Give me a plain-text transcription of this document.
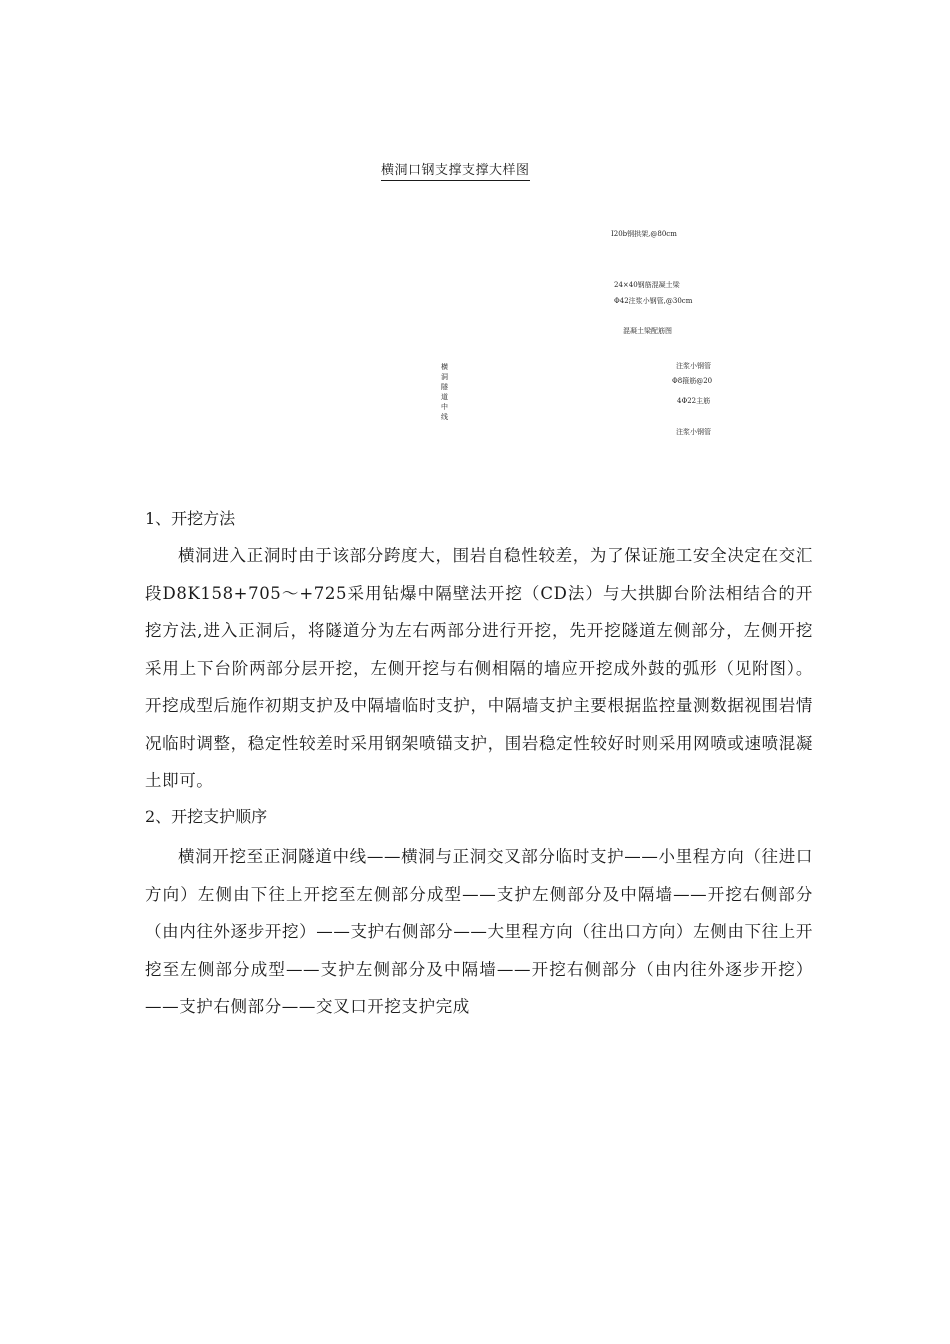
横洞口钢支撑支撑大样图
I20b钢拱架,@80cm
24×40钢筋混凝土梁
Φ42注浆小钢管,@30cm
混凝土梁配筋图
注浆小钢管
Φ8箍筋@20
4Φ22主筋
注浆小钢管
横洞隧道中线
1、开挖方法
横洞进入正洞时由于该部分跨度大，围岩自稳性较差，为了保证施工安全决定在交汇段D8K158+705～+725采用钻爆中隔壁法开挖（CD法）与大拱脚台阶法相结合的开挖方法,进入正洞后，将隧道分为左右两部分进行开挖，先开挖隧道左侧部分，左侧开挖采用上下台阶两部分层开挖，左侧开挖与右侧相隔的墙应开挖成外鼓的弧形（见附图）。开挖成型后施作初期支护及中隔墙临时支护，中隔墙支护主要根据监控量测数据视围岩情况临时调整，稳定性较差时采用钢架喷锚支护，围岩稳定性较好时则采用网喷或速喷混凝土即可。
2、开挖支护顺序
横洞开挖至正洞隧道中线——横洞与正洞交叉部分临时支护——小里程方向（往进口方向）左侧由下往上开挖至左侧部分成型——支护左侧部分及中隔墙——开挖右侧部分（由内往外逐步开挖）——支护右侧部分——大里程方向（往出口方向）左侧由下往上开挖至左侧部分成型——支护左侧部分及中隔墙——开挖右侧部分（由内往外逐步开挖）——支护右侧部分——交叉口开挖支护完成
